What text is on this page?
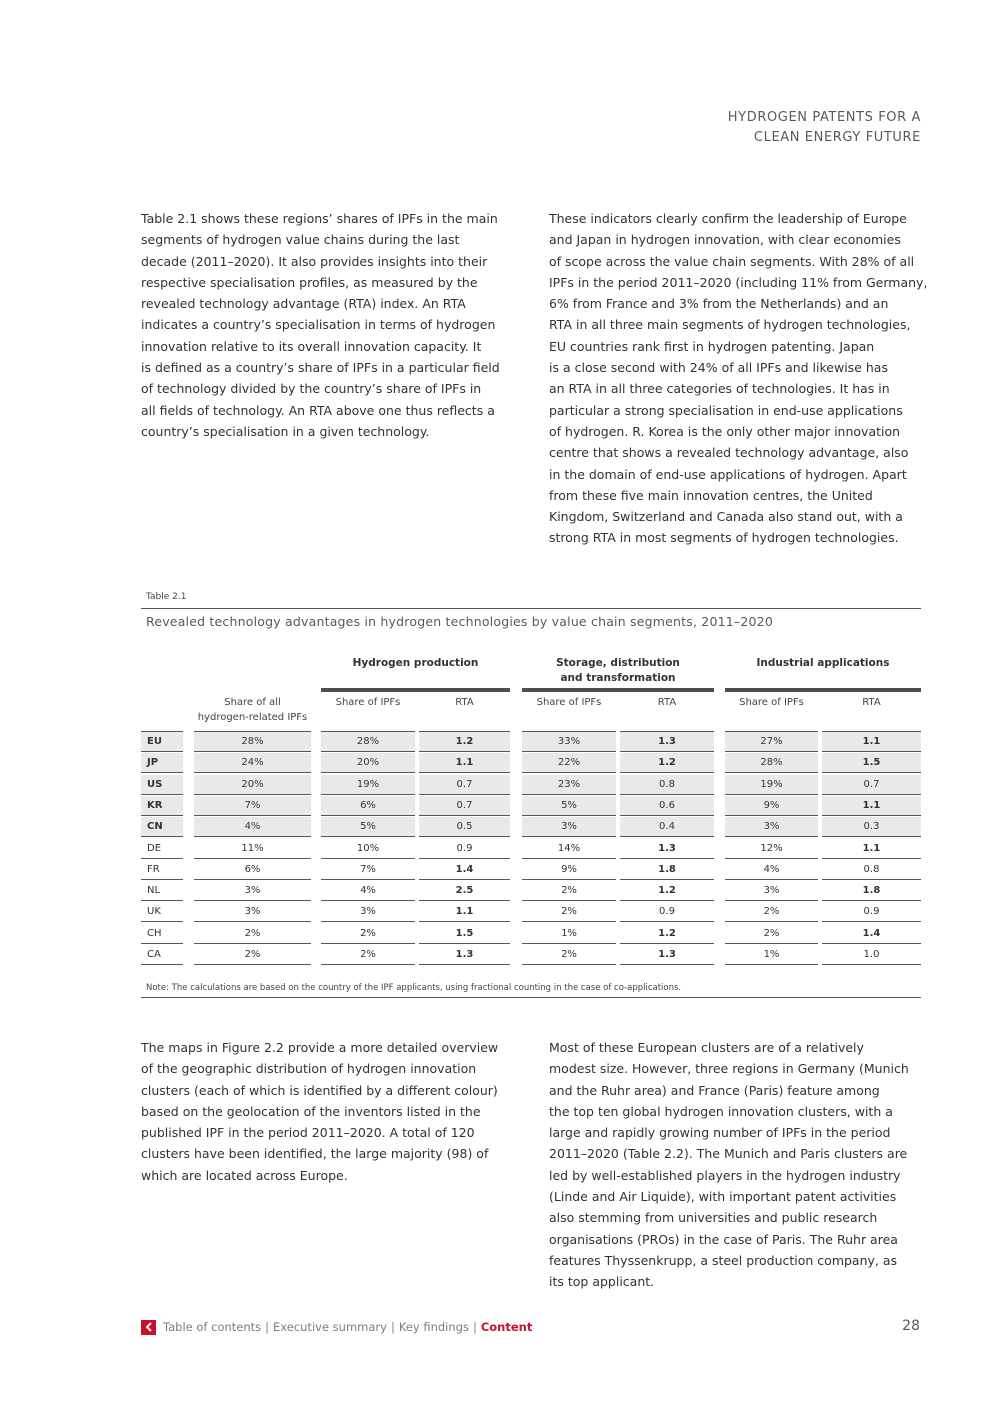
HYDROGEN PATENTS FOR A
CLEAN ENERGY FUTURE

Table 2.1 shows these regions’ shares of IPFs in the main
segments of hydrogen value chains during the last
decade (2011–2020). It also provides insights into their
respective specialisation profiles, as measured by the
revealed technology advantage (RTA) index. An RTA
indicates a country’s specialisation in terms of hydrogen
innovation relative to its overall innovation capacity. It
is defined as a country’s share of IPFs in a particular field
of technology divided by the country’s share of IPFs in
all fields of technology. An RTA above one thus reflects a
country’s specialisation in a given technology.

These indicators clearly confirm the leadership of Europe
and Japan in hydrogen innovation, with clear economies
of scope across the value chain segments. With 28% of all
IPFs in the period 2011–2020 (including 11% from Germany,
6% from France and 3% from the Netherlands) and an
RTA in all three main segments of hydrogen technologies,
EU countries rank first in hydrogen patenting. Japan
is a close second with 24% of all IPFs and likewise has
an RTA in all three categories of technologies. It has in
particular a strong specialisation in end-use applications
of hydrogen. R. Korea is the only other major innovation
centre that shows a revealed technology advantage, also
in the domain of end-use applications of hydrogen. Apart
from these five main innovation centres, the United
Kingdom, Switzerland and Canada also stand out, with a
strong RTA in most segments of hydrogen technologies.

Table 2.1
Revealed technology advantages in hydrogen technologies by value chain segments, 2011–2020
Hydrogen production	Storage, distribution
and transformation
Industrial applications
Share of all
hydrogen-related IPFs
Share of IPFs	RTA	Share of IPFs	RTA	Share of IPFs	RTA
EU	28%	28%	1.2	33%	1.3	27%	1.1
JP	24%	20%	1.1	22%	1.2	28%	1.5
US	20%	19%	0.7	23%	0.8	19%	0.7
KR	7%	6%	0.7	5%	0.6	9%	1.1
CN	4%	5%	0.5	3%	0.4	3%	0.3
DE	11%	10%	0.9	14%	1.3	12%	1.1
FR	6%	7%	1.4	9%	1.8	4%	0.8
NL	3%	4%	2.5	2%	1.2	3%	1.8
UK	3%	3%	1.1	2%	0.9	2%	0.9
CH	2%	2%	1.5	1%	1.2	2%	1.4
CA	2%	2%	1.3	2%	1.3	1%	1.0
Note: The calculations are based on the country of the IPF applicants, using fractional counting in the case of co-applications.

The maps in Figure 2.2 provide a more detailed overview
of the geographic distribution of hydrogen innovation
clusters (each of which is identified by a different colour)
based on the geolocation of the inventors listed in the
published IPF in the period 2011–2020. A total of 120
clusters have been identified, the large majority (98) of
which are located across Europe.

Most of these European clusters are of a relatively
modest size. However, three regions in Germany (Munich
and the Ruhr area) and France (Paris) feature among
the top ten global hydrogen innovation clusters, with a
large and rapidly growing number of IPFs in the period
2011–2020 (Table 2.2). The Munich and Paris clusters are
led by well-established players in the hydrogen industry
(Linde and Air Liquide), with important patent activities
also stemming from universities and public research
organisations (PROs) in the case of Paris. The Ruhr area
features Thyssenkrupp, a steel production company, as
its top applicant.

Table of contents | Executive summary | Key findings | Content	28
